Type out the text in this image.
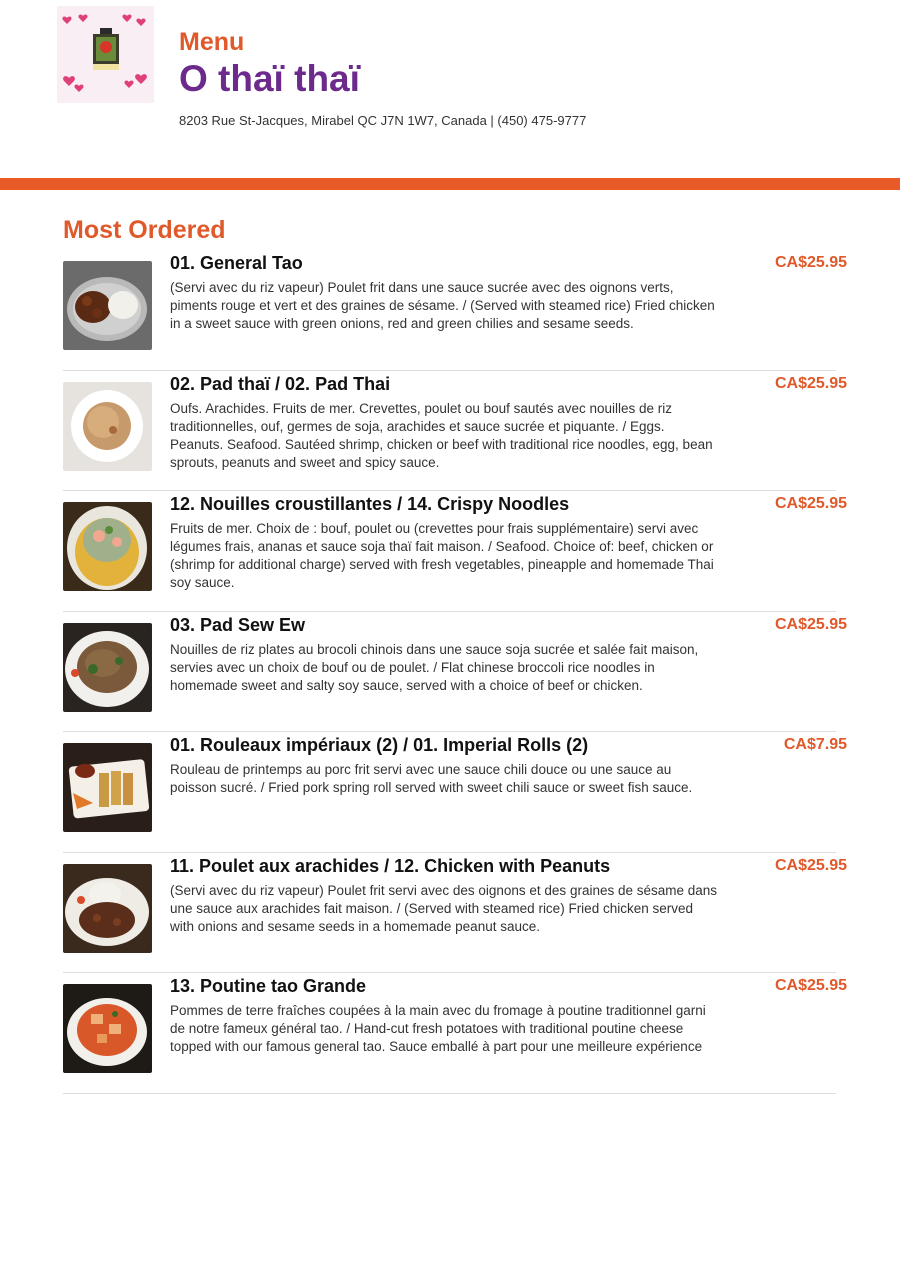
Menu
O thaï thaï
8203 Rue St-Jacques, Mirabel QC J7N 1W7, Canada | (450) 475-9777
Most Ordered
01. General Tao
(Servi avec du riz vapeur) Poulet frit dans une sauce sucrée avec des oignons verts, piments rouge et vert et des graines de sésame. / (Served with steamed rice) Fried chicken in a sweet sauce with green onions, red and green chilies and sesame seeds.
CA$25.95
02. Pad thaï / 02. Pad Thai
Oufs. Arachides. Fruits de mer. Crevettes, poulet ou bouf sautés avec nouilles de riz traditionnelles, ouf, germes de soja, arachides et sauce sucrée et piquante. / Eggs. Peanuts. Seafood. Sautéed shrimp, chicken or beef with traditional rice noodles, egg, bean sprouts, peanuts and sweet and spicy sauce.
CA$25.95
12. Nouilles croustillantes / 14. Crispy Noodles
Fruits de mer. Choix de : bouf, poulet ou (crevettes pour frais supplémentaire) servi avec légumes frais, ananas et sauce soja thaï fait maison. / Seafood. Choice of: beef, chicken or (shrimp for additional charge) served with fresh vegetables, pineapple and homemade Thai soy sauce.
CA$25.95
03. Pad Sew Ew
Nouilles de riz plates au brocoli chinois dans une sauce soja sucrée et salée fait maison, servies avec un choix de bouf ou de poulet. / Flat chinese broccoli rice noodles in homemade sweet and salty soy sauce, served with a choice of beef or chicken.
CA$25.95
01. Rouleaux impériaux (2) / 01. Imperial Rolls (2)
Rouleau de printemps au porc frit servi avec une sauce chili douce ou une sauce au poisson sucré. / Fried pork spring roll served with sweet chili sauce or sweet fish sauce.
CA$7.95
11. Poulet aux arachides / 12. Chicken with Peanuts
(Servi avec du riz vapeur) Poulet frit servi avec des oignons et des graines de sésame dans une sauce aux arachides fait maison. / (Served with steamed rice) Fried chicken served with onions and sesame seeds in a homemade peanut sauce.
CA$25.95
13. Poutine tao Grande
Pommes de terre fraîches coupées à la main avec du fromage à poutine traditionnel garni de notre fameux général tao. / Hand-cut fresh potatoes with traditional poutine cheese topped with our famous general tao. Sauce emballé à part pour une meilleure expérience
CA$25.95
